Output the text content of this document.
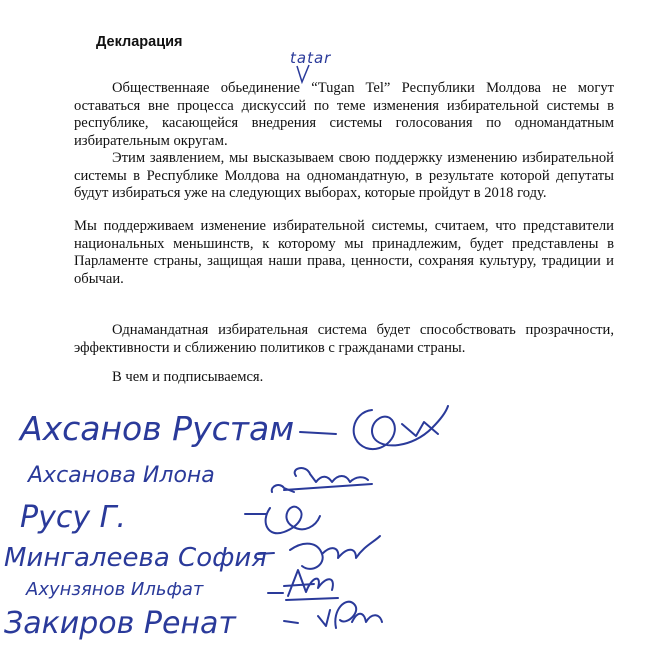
Декларация
tatar

Общественнаяе обьединение “Tugan Tel” Республики Молдова не могут оставаться вне процесса дискуссий по теме изменения избирательной системы в республике, касающейся внедрения системы голосования по одномандатным избирательным округам.

Этим заявлением, мы высказываем свою поддержку изменению избирательной системы в Республике Молдова на одномандатную, в результате которой депутаты будут избираться уже на следующих выборах, которые пройдут в 2018 году.

Мы поддерживаем изменение избирательной системы, считаем, что представители национальных меньшинств, к которому мы принадлежим, будет представлены в Парламенте страны, защищая наши права, ценности, сохраняя культуру, традиции и обычаи.

Однамандатная избирательная система будет способствовать прозрачности, эффективности и сближению политиков с гражданами страны.

В чем и подписываемся.
Ахсанов Рустам
Ахсанова Илона
Русу Г.
Мингалеева София
Ахунзянов Ильфат
Закиров Ренат
